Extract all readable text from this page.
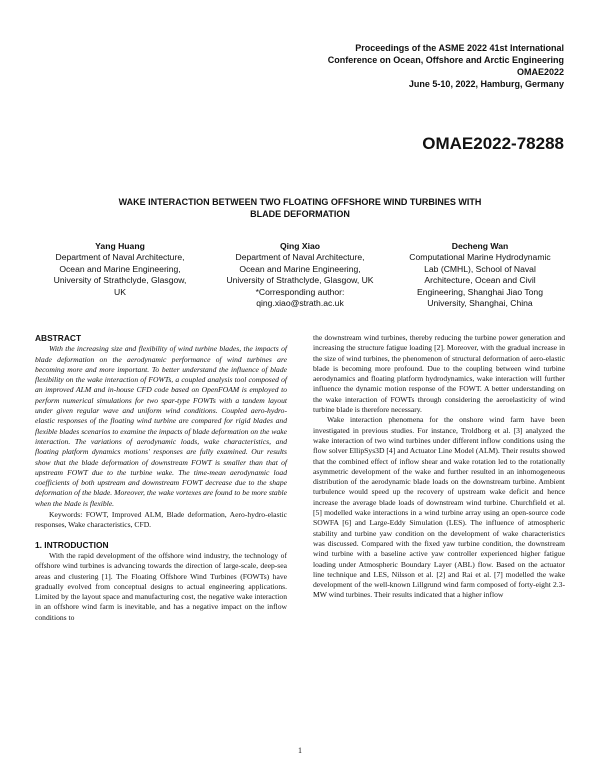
Proceedings of the ASME 2022 41st International
Conference on Ocean, Offshore and Arctic Engineering
OMAE2022
June 5-10, 2022, Hamburg, Germany
OMAE2022-78288
WAKE INTERACTION BETWEEN TWO FLOATING OFFSHORE WIND TURBINES WITH
BLADE DEFORMATION
Yang Huang
Department of Naval Architecture,
Ocean and Marine Engineering,
University of Strathclyde, Glasgow,
UK
Qing Xiao
Department of Naval Architecture,
Ocean and Marine Engineering,
University of Strathclyde, Glasgow, UK
*Corresponding author:
qing.xiao@strath.ac.uk
Decheng Wan
Computational Marine Hydrodynamic
Lab (CMHL), School of Naval
Architecture, Ocean and Civil
Engineering, Shanghai Jiao Tong
University, Shanghai, China
ABSTRACT

With the increasing size and flexibility of wind turbine blades, the impacts of blade deformation on the aerodynamic performance of wind turbines are becoming more and more important. To better understand the influence of blade flexibility on the wake interaction of FOWTs, a coupled analysis tool composed of an improved ALM and in-house CFD code based on OpenFOAM is employed to perform numerical simulations for two spar-type FOWTs with a tandem layout under given regular wave and uniform wind conditions. Coupled aero-hydro-elastic responses of the floating wind turbine are compared for rigid blades and flexible blades scenarios to examine the impacts of blade deformation on the wake interaction. The variations of aerodynamic loads, wake characteristics, and floating platform dynamics motions' responses are fully examined. Our results show that the blade deformation of downstream FOWT is smaller than that of upstream FOWT due to the turbine wake. The time-mean aerodynamic load coefficients of both upstream and downstream FOWT decrease due to the shape deformation of the blade. Moreover, the wake vortexes are found to be more stable when the blade is flexible.

Keywords: FOWT, Improved ALM, Blade deformation, Aero-hydro-elastic responses, Wake characteristics, CFD.

1. INTRODUCTION

With the rapid development of the offshore wind industry, the technology of offshore wind turbines is advancing towards the direction of large-scale, deep-sea areas and clustering [1]. The Floating Offshore Wind Turbines (FOWTs) have gradually evolved from conceptual designs to actual engineering applications. Limited by the layout space and manufacturing cost, the negative wake interaction in an offshore wind farm is inevitable, and has a negative impact on the inflow conditions to

the downstream wind turbines, thereby reducing the turbine power generation and increasing the structure fatigue loading [2]. Moreover, with the gradual increase in the size of wind turbines, the phenomenon of structural deformation of aero-elastic blade is becoming more profound. Due to the coupling between wind turbine aerodynamics and floating platform hydrodynamics, wake interaction will further influence the dynamic motion response of the FOWT. A better understanding on the wake interaction of FOWTs through considering the aeroelasticity of wind turbine blade is therefore necessary.

Wake interaction phenomena for the onshore wind farm have been investigated in previous studies. For instance, Troldborg et al. [3] analyzed the wake interaction of two wind turbines under different inflow conditions using the flow solver EllipSys3D [4] and Actuator Line Model (ALM). Their results showed that the combined effect of inflow shear and wake rotation led to the rotationally asymmetric development of the wake and further resulted in an inhomogeneous distribution of the aerodynamic blade loads on the downstream turbine. Ambient turbulence would speed up the recovery of upstream wake deficit and hence increase the average blade loads of downstream wind turbine. Churchfield et al. [5] modelled wake interactions in a wind turbine array using an open-source code SOWFA [6] and Large-Eddy Simulation (LES). The influence of atmospheric stability and turbine yaw condition on the development of wake characteristics was discussed. Compared with the fixed yaw turbine condition, the downstream wind turbine with a baseline active yaw controller experienced higher fatigue loading under Atmospheric Boundary Layer (ABL) flow. Based on the actuator line technique and LES, Nilsson et al. [2] and Rai et al. [7] modelled the wake development of the well-known Lillgrund wind farm composed of forty-eight 2.3-MW wind turbines. Their results indicated that a higher inflow

1
